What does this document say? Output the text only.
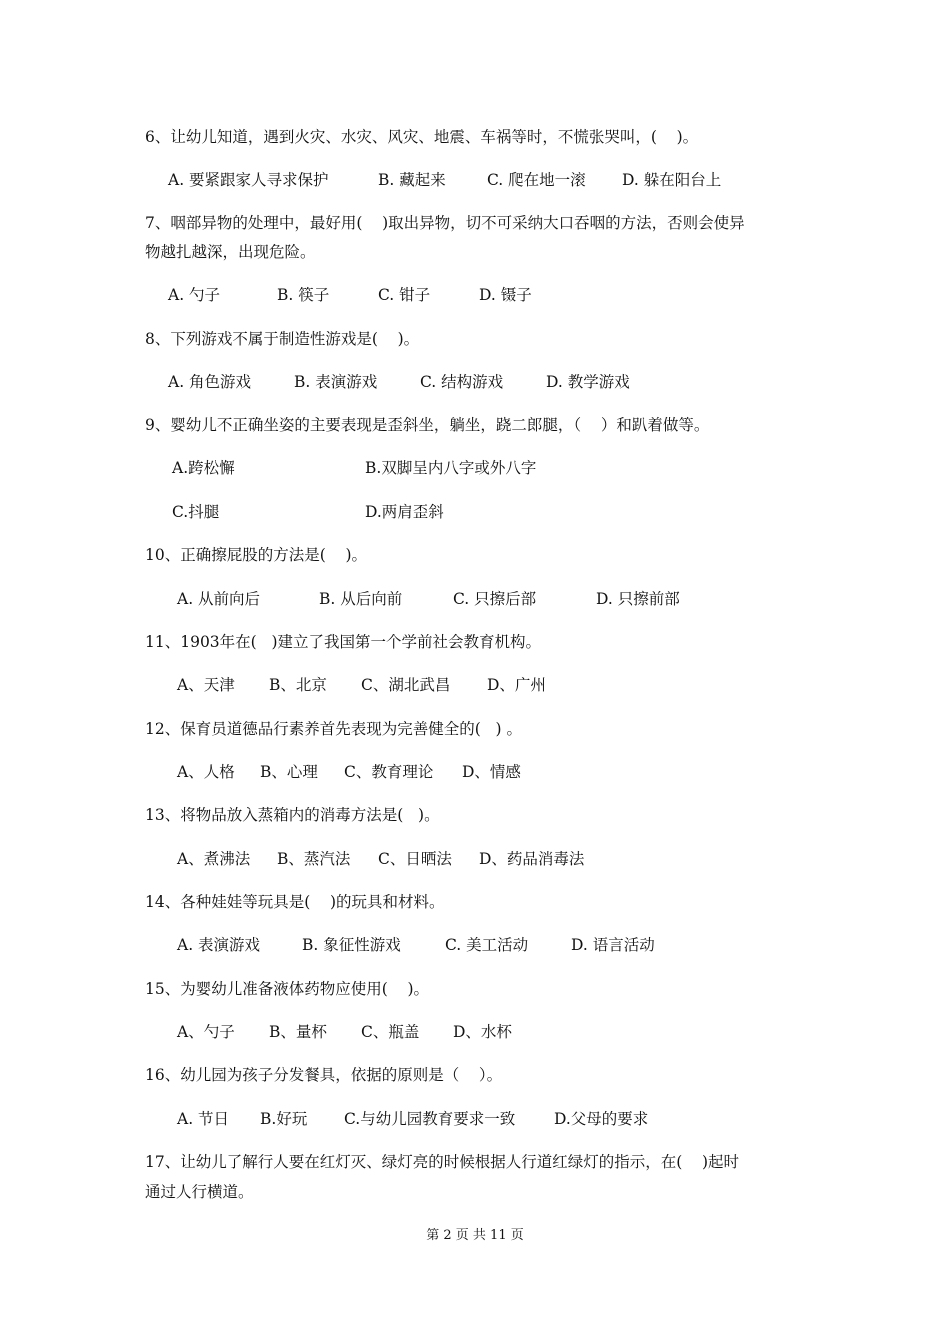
6、让幼儿知道，遇到火灾、水灾、风灾、地震、车祸等时，不慌张哭叫，(    )。
A. 要紧跟家人寻求保护	B. 藏起来	C. 爬在地一滚 D. 躲在阳台上
7、咽部异物的处理中，最好用(    )取出异物，切不可采纳大口吞咽的方法，否则会使异
物越扎越深，出现危险。
A. 勺子	B. 筷子	C. 钳子	D. 镊子
8、下列游戏不属于制造性游戏是(    )。
A. 角色游戏	B. 表演游戏	C. 结构游戏	D. 教学游戏
9、婴幼儿不正确坐姿的主要表现是歪斜坐，躺坐，跷二郎腿，（    ）和趴着做等。
A.跨松懈	B.双脚呈内八字或外八字
C.抖腿	D.两肩歪斜
10、正确擦屁股的方法是(    )。
A. 从前向后	B. 从后向前	C. 只擦后部	D. 只擦前部
11、1903年在(   )建立了我国第一个学前社会教育机构。
A、天津 B、北京 C、湖北武昌 D、广州
12、保育员道德品行素养首先表现为完善健全的(   ) 。
A、人格 B、心理 C、教育理论 D、情感
13、将物品放入蒸箱内的消毒方法是(   )。
A、煮沸法 B、蒸汽法 C、日晒法 D、药品消毒法
14、各种娃娃等玩具是(    )的玩具和材料。
A. 表演游戏	B. 象征性游戏	C. 美工活动	D. 语言活动
15、为婴幼儿准备液体药物应使用(    )。
A、勺子 B、量杯 C、瓶盖 D、水杯
16、幼儿园为孩子分发餐具，依据的原则是（    ）。
A. 节日 B.好玩 C.与幼儿园教育要求一致	D.父母的要求
17、让幼儿了解行人要在红灯灭、绿灯亮的时候根据人行道红绿灯的指示，在(    )起时
通过人行横道。
第 2 页 共 11 页
